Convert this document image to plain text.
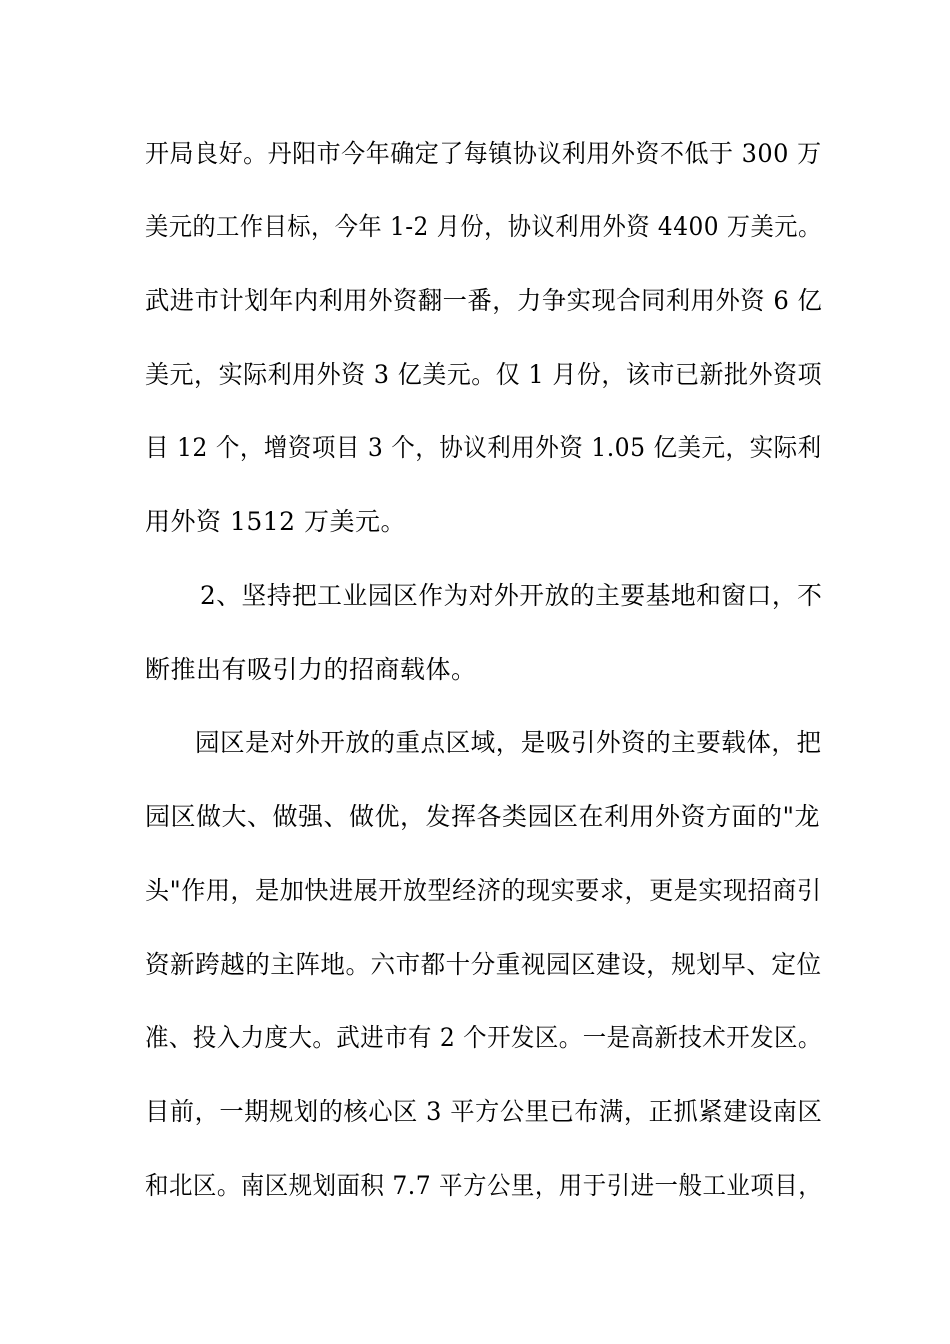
开局良好。丹阳市今年确定了每镇协议利用外资不低于 300 万
美元的工作目标，今年 1-2 月份，协议利用外资 4400 万美元。
武进市计划年内利用外资翻一番，力争实现合同利用外资 6 亿
美元，实际利用外资 3 亿美元。仅 1 月份，该市已新批外资项
目 12 个，增资项目 3 个，协议利用外资 1.05 亿美元，实际利
用外资 1512 万美元。
2、坚持把工业园区作为对外开放的主要基地和窗口，不
断推出有吸引力的招商载体。
园区是对外开放的重点区域，是吸引外资的主要载体，把
园区做大、做强、做优，发挥各类园区在利用外资方面的"龙
头"作用，是加快进展开放型经济的现实要求，更是实现招商引
资新跨越的主阵地。六市都十分重视园区建设，规划早、定位
准、投入力度大。武进市有 2 个开发区。一是高新技术开发区。
目前，一期规划的核心区 3 平方公里已布满，正抓紧建设南区
和北区。南区规划面积 7.7 平方公里，用于引进一般工业项目，
